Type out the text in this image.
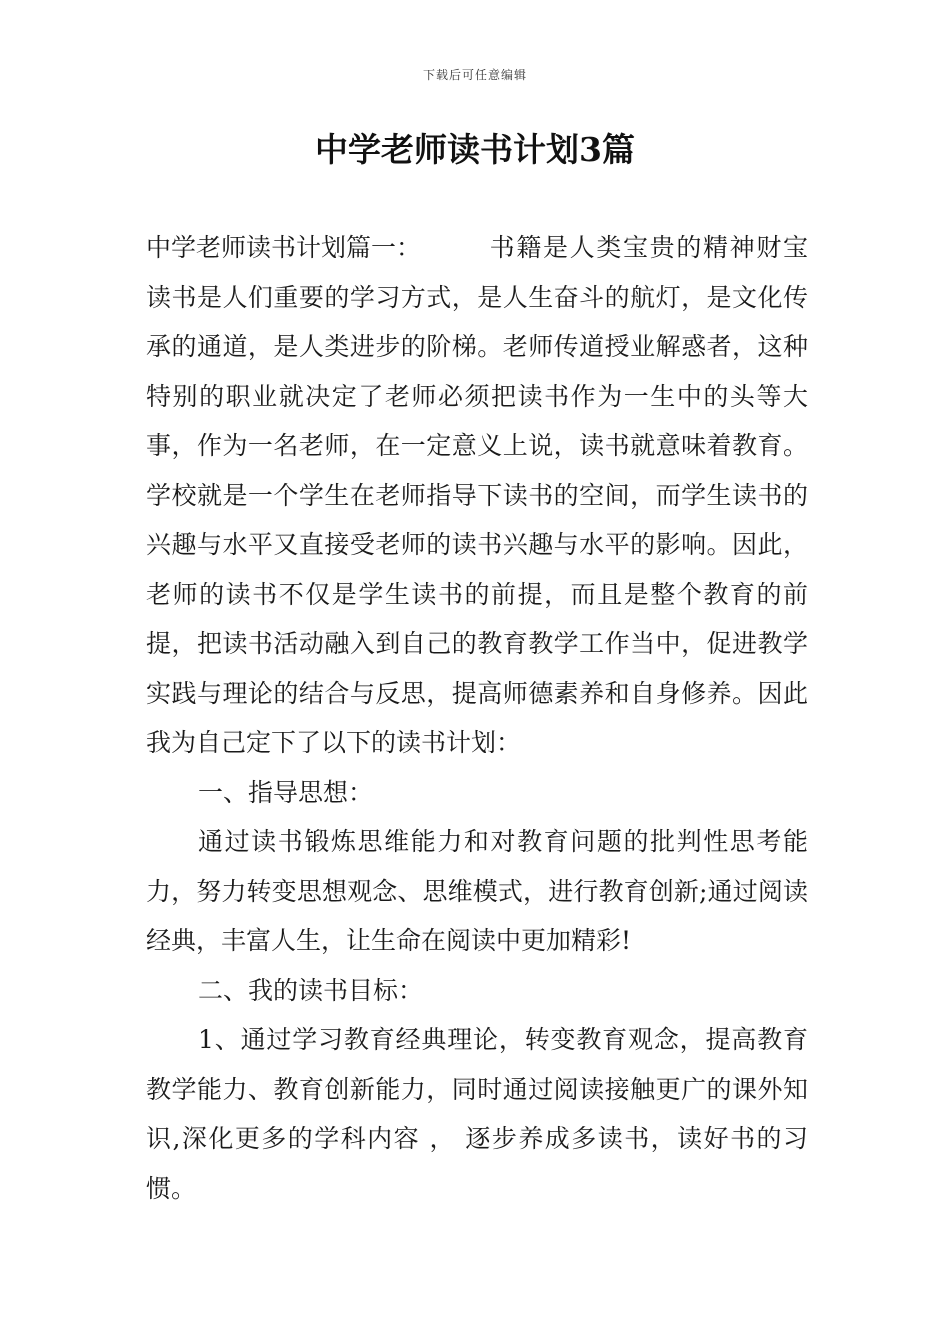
下载后可任意编辑
中学老师读书计划3篇

中学老师读书计划篇一：	书籍是人类宝贵的精神财宝读书是人们重要的学习方式，是人生奋斗的航灯，是文化传承的通道，是人类进步的阶梯。老师传道授业解惑者，这种特别的职业就决定了老师必须把读书作为一生中的头等大事，作为一名老师，在一定意义上说，读书就意味着教育。学校就是一个学生在老师指导下读书的空间，而学生读书的兴趣与水平又直接受老师的读书兴趣与水平的影响。因此，老师的读书不仅是学生读书的前提，而且是整个教育的前提，把读书活动融入到自己的教育教学工作当中，促进教学实践与理论的结合与反思，提高师德素养和自身修养。因此我为自己定下了以下的读书计划：

一、指导思想：

通过读书锻炼思维能力和对教育问题的批判性思考能力，努力转变思想观念、思维模式，进行教育创新;通过阅读经典，丰富人生，让生命在阅读中更加精彩!

二、我的读书目标：

1、通过学习教育经典理论，转变教育观念，提高教育教学能力、教育创新能力，同时通过阅读接触更广的课外知识,深化更多的学科内容 ， 逐步养成多读书，读好书的习惯。
